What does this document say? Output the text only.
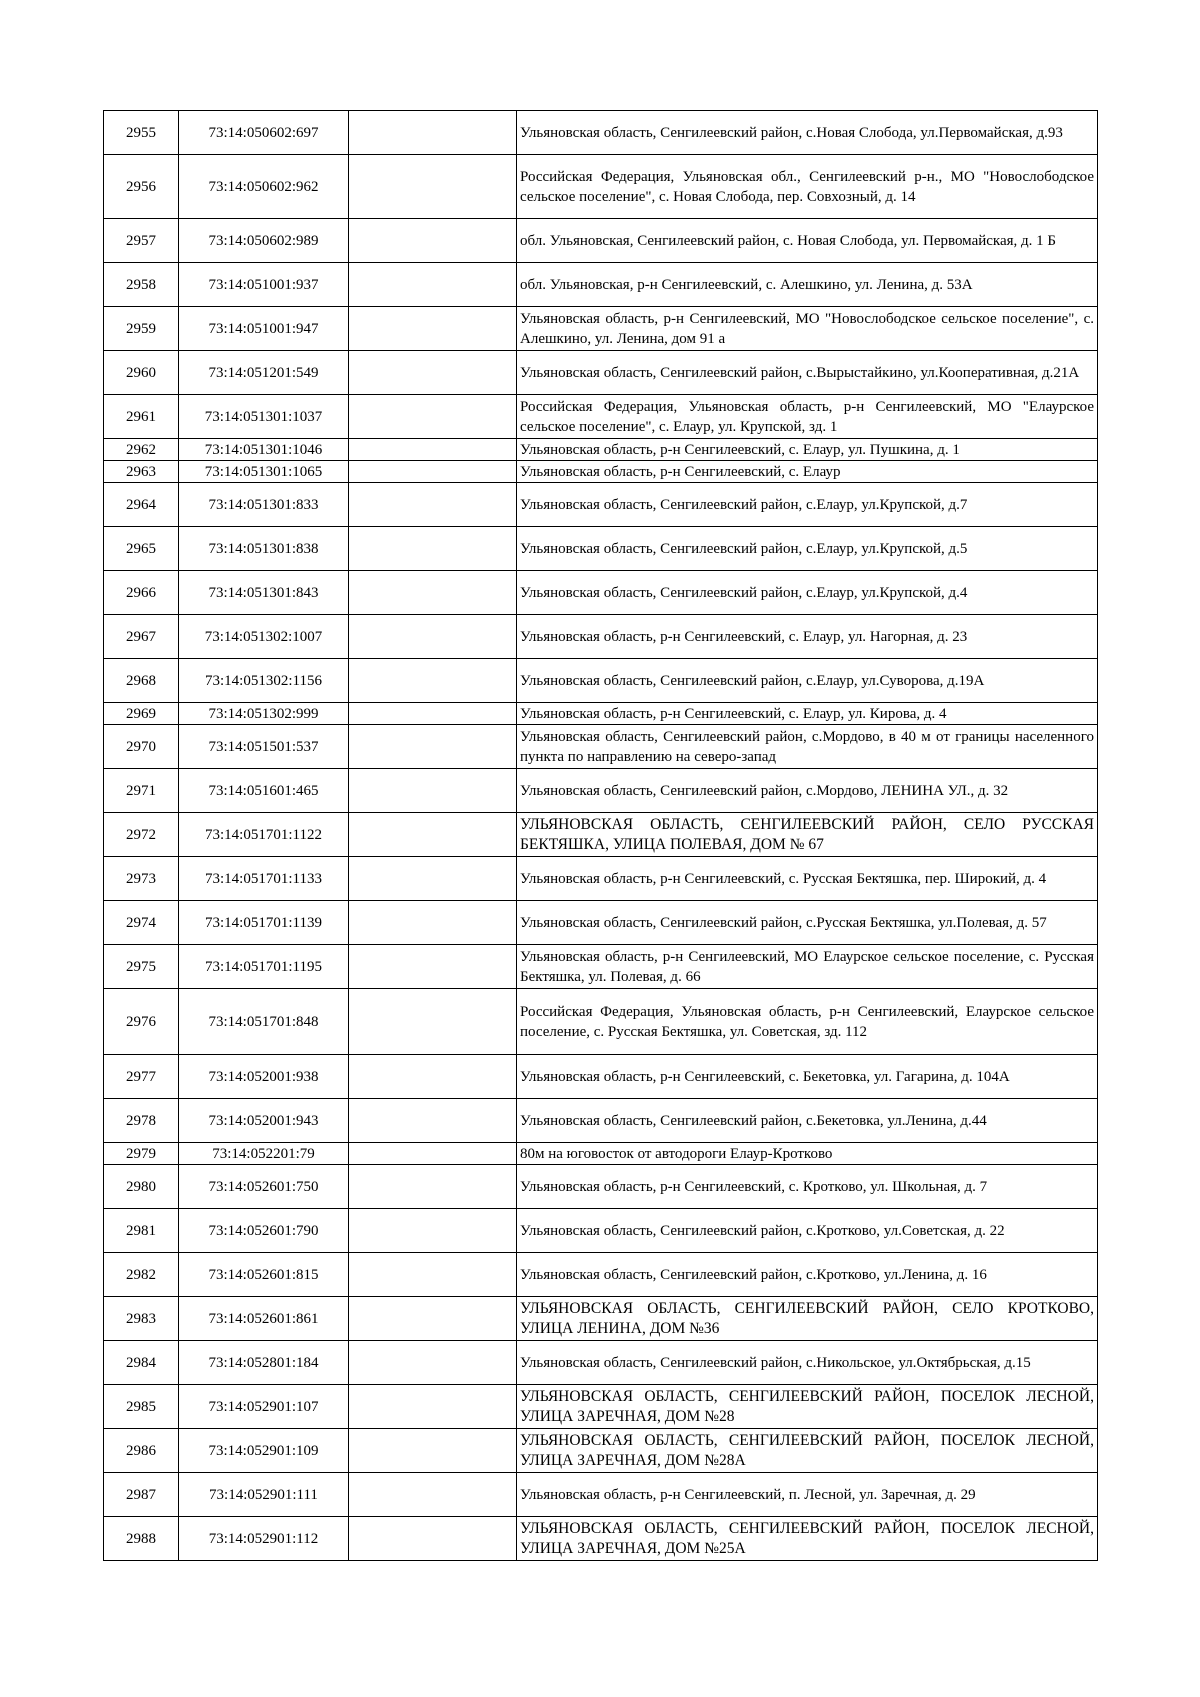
2955	73:14:050602:697		Ульяновская область, Сенгилеевский район, с.Новая Слобода, ул.Первомайская, д.93
2956	73:14:050602:962		Российская Федерация, Ульяновская обл., Сенгилеевский р-н., МО "Новослободское сельское поселение", с. Новая Слобода, пер. Совхозный, д. 14
2957	73:14:050602:989		обл. Ульяновская, Сенгилеевский район, с. Новая Слобода, ул. Первомайская, д. 1 Б
2958	73:14:051001:937		обл. Ульяновская, р-н Сенгилеевский, с. Алешкино, ул. Ленина, д. 53А
2959	73:14:051001:947		Ульяновская область, р-н Сенгилеевский, МО "Новослободское сельское поселение", с. Алешкино, ул. Ленина, дом 91 а
2960	73:14:051201:549		Ульяновская область, Сенгилеевский район, с.Вырыстайкино, ул.Кооперативная, д.21А
2961	73:14:051301:1037		Российская Федерация, Ульяновская область, р-н Сенгилеевский, МО "Елаурское сельское поселение", с. Елаур, ул. Крупской, зд. 1
2962	73:14:051301:1046		Ульяновская область, р-н Сенгилеевский, с. Елаур, ул. Пушкина, д. 1
2963	73:14:051301:1065		Ульяновская область, р-н Сенгилеевский, с. Елаур
2964	73:14:051301:833		Ульяновская область, Сенгилеевский район, с.Елаур, ул.Крупской, д.7
2965	73:14:051301:838		Ульяновская область, Сенгилеевский район, с.Елаур, ул.Крупской, д.5
2966	73:14:051301:843		Ульяновская область, Сенгилеевский район, с.Елаур, ул.Крупской, д.4
2967	73:14:051302:1007		Ульяновская область, р-н Сенгилеевский, с. Елаур, ул. Нагорная, д. 23
2968	73:14:051302:1156		Ульяновская область, Сенгилеевский район, с.Елаур, ул.Суворова, д.19А
2969	73:14:051302:999		Ульяновская область, р-н Сенгилеевский, с. Елаур, ул. Кирова, д. 4
2970	73:14:051501:537		Ульяновская область, Сенгилеевский район, с.Мордово, в 40 м от границы населенного пункта по направлению на северо-запад
2971	73:14:051601:465		Ульяновская область, Сенгилеевский район, с.Мордово, ЛЕНИНА УЛ., д. 32
2972	73:14:051701:1122		УЛЬЯНОВСКАЯ ОБЛАСТЬ, СЕНГИЛЕЕВСКИЙ РАЙОН, СЕЛО РУССКАЯ БЕКТЯШКА, УЛИЦА ПОЛЕВАЯ, ДОМ № 67
2973	73:14:051701:1133		Ульяновская область, р-н Сенгилеевский, с. Русская Бектяшка, пер. Широкий, д. 4
2974	73:14:051701:1139		Ульяновская область, Сенгилеевский район, с.Русская Бектяшка, ул.Полевая, д. 57
2975	73:14:051701:1195		Ульяновская область, р-н Сенгилеевский, МО Елаурское сельское поселение, с. Русская Бектяшка, ул. Полевая, д. 66
2976	73:14:051701:848		Российская Федерация, Ульяновская область, р-н Сенгилеевский, Елаурское сельское поселение, с. Русская Бектяшка, ул. Советская, зд. 112
2977	73:14:052001:938		Ульяновская область, р-н Сенгилеевский, с. Бекетовка, ул. Гагарина, д. 104А
2978	73:14:052001:943		Ульяновская область, Сенгилеевский район, с.Бекетовка, ул.Ленина, д.44
2979	73:14:052201:79		80м на юговосток от автодороги Елаур-Кротково
2980	73:14:052601:750		Ульяновская область, р-н Сенгилеевский, с. Кротково, ул. Школьная, д. 7
2981	73:14:052601:790		Ульяновская область, Сенгилеевский район, с.Кротково, ул.Советская, д. 22
2982	73:14:052601:815		Ульяновская область, Сенгилеевский район, с.Кротково, ул.Ленина, д. 16
2983	73:14:052601:861		УЛЬЯНОВСКАЯ ОБЛАСТЬ, СЕНГИЛЕЕВСКИЙ РАЙОН, СЕЛО КРОТКОВО, УЛИЦА ЛЕНИНА, ДОМ №36
2984	73:14:052801:184		Ульяновская область, Сенгилеевский район, с.Никольское, ул.Октябрьская, д.15
2985	73:14:052901:107		УЛЬЯНОВСКАЯ ОБЛАСТЬ, СЕНГИЛЕЕВСКИЙ РАЙОН, ПОСЕЛОК ЛЕСНОЙ, УЛИЦА ЗАРЕЧНАЯ, ДОМ №28
2986	73:14:052901:109		УЛЬЯНОВСКАЯ ОБЛАСТЬ, СЕНГИЛЕЕВСКИЙ РАЙОН, ПОСЕЛОК ЛЕСНОЙ, УЛИЦА ЗАРЕЧНАЯ, ДОМ №28А
2987	73:14:052901:111		Ульяновская область, р-н Сенгилеевский, п. Лесной, ул. Заречная, д. 29
2988	73:14:052901:112		УЛЬЯНОВСКАЯ ОБЛАСТЬ, СЕНГИЛЕЕВСКИЙ РАЙОН, ПОСЕЛОК ЛЕСНОЙ, УЛИЦА ЗАРЕЧНАЯ, ДОМ №25А
